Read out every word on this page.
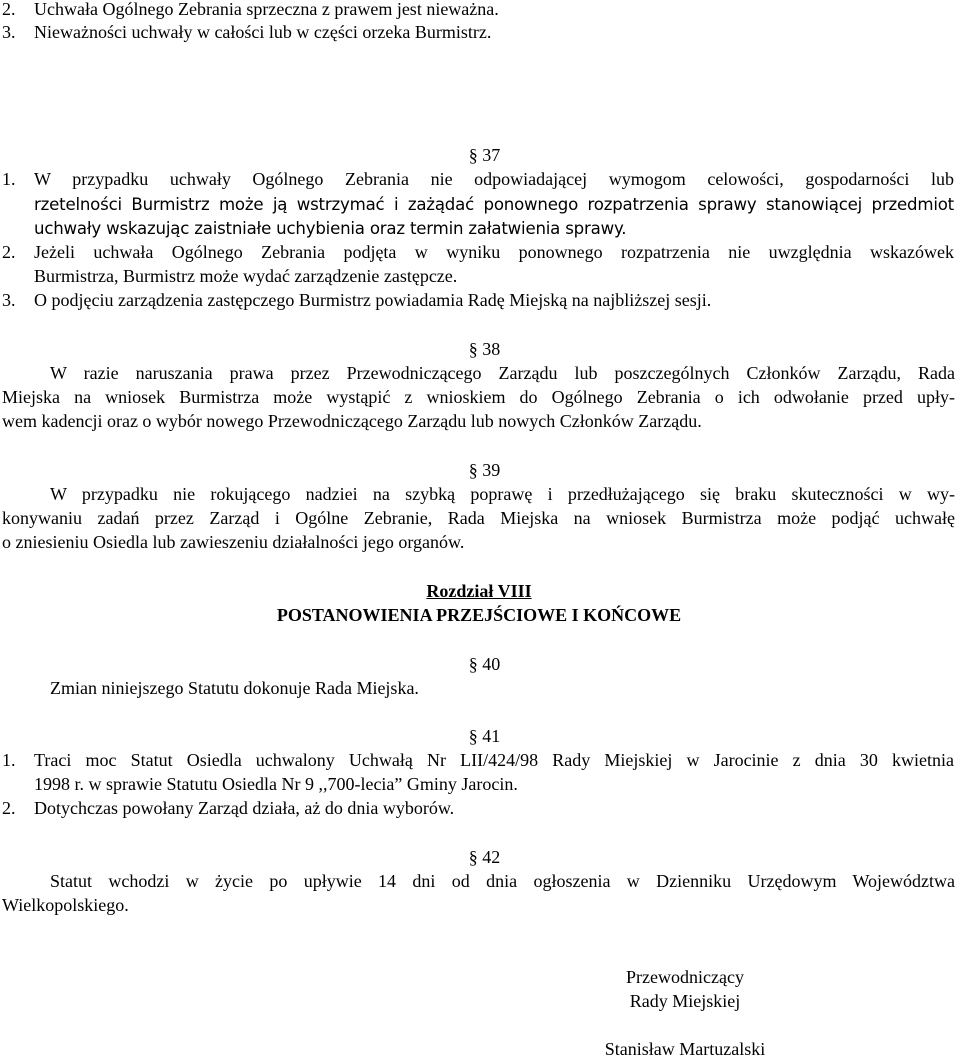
2. Uchwała Ogólnego Zebrania sprzeczna z prawem jest nieważna.
3. Nieważności uchwały w całości lub w części orzeka Burmistrz.
§ 37
1. W przypadku uchwały Ogólnego Zebrania nie odpowiadającej wymogom celowości, gospodarności lub
rzetelności Burmistrz może ją wstrzymać i zażądać ponownego rozpatrzenia sprawy stanowiącej przedmiot
uchwały wskazując zaistniałe uchybienia oraz termin załatwienia sprawy.
2. Jeżeli uchwała Ogólnego Zebrania podjęta w wyniku ponownego rozpatrzenia nie uwzględnia wskazówek
Burmistrza, Burmistrz może wydać zarządzenie zastępcze.
3. O podjęciu zarządzenia zastępczego Burmistrz powiadamia Radę Miejską na najbliższej sesji.
§ 38
W razie naruszania prawa przez Przewodniczącego Zarządu lub poszczególnych Członków Zarządu, Rada
Miejska na wniosek Burmistrza może wystąpić z wnioskiem do Ogólnego Zebrania o ich odwołanie przed upły-
wem kadencji oraz o wybór nowego Przewodniczącego Zarządu lub nowych Członków Zarządu.
§ 39
W przypadku nie rokującego nadziei na szybką poprawę i przedłużającego się braku skuteczności w wy-
konywaniu zadań przez Zarząd i Ogólne Zebranie, Rada Miejska na wniosek Burmistrza może podjąć uchwałę
o zniesieniu Osiedla lub zawieszeniu działalności jego organów.
Rozdział VIII
POSTANOWIENIA PRZEJŚCIOWE I KOŃCOWE
§ 40
Zmian niniejszego Statutu dokonuje Rada Miejska.
§ 41
1. Traci moc Statut Osiedla uchwalony Uchwałą Nr LII/424/98 Rady Miejskiej w Jarocinie z dnia 30 kwietnia
1998 r. w sprawie Statutu Osiedla Nr 9 ,,700-lecia” Gminy Jarocin.
2. Dotychczas powołany Zarząd działa, aż do dnia wyborów.
§ 42
Statut wchodzi w życie po upływie 14 dni od dnia ogłoszenia w Dzienniku Urzędowym Województwa
Wielkopolskiego.
Przewodniczący
Rady Miejskiej
Stanisław Martuzalski
